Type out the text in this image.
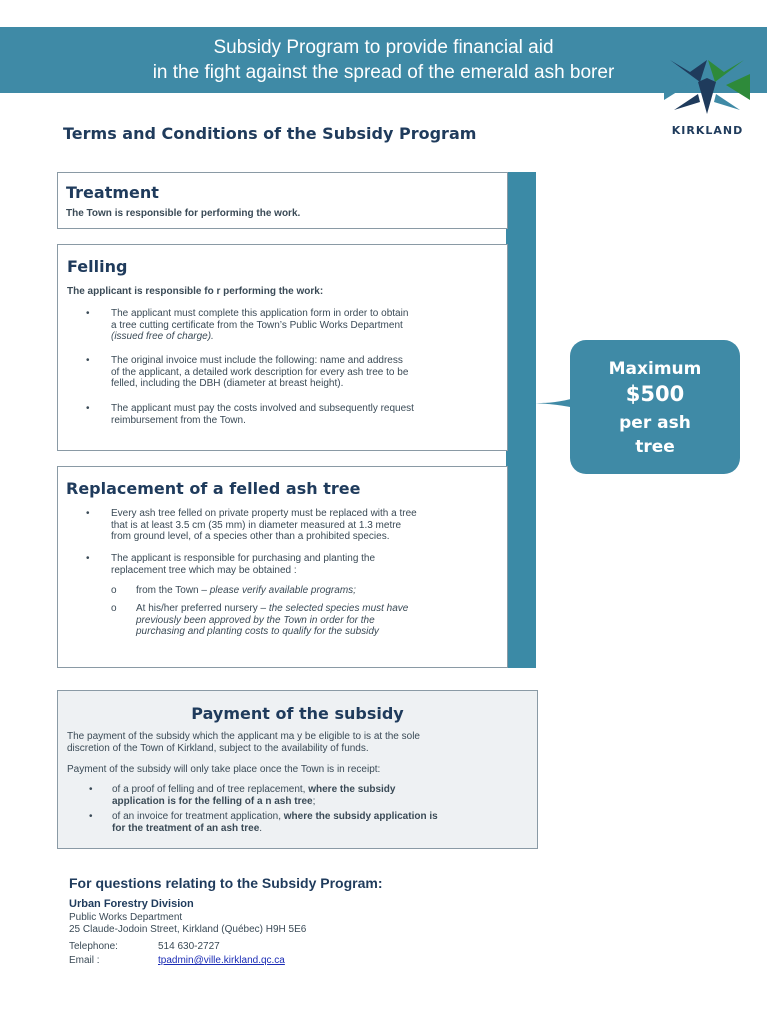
Subsidy Program to provide financial aid
in the fight against the spread of the emerald ash borer
KIRKLAND
Terms and Conditions of the Subsidy Program
Treatment
The Town is responsible for performing the work.
Felling
The applicant is responsible fo r performing the work:
• The applicant must complete this application form in order to obtain
a tree cutting certificate from the Town’s Public Works Department
(issued free of charge).
• The original invoice must include the following: name and address
of the applicant, a detailed work description for every ash tree to be
felled, including the DBH (diameter at breast height).
• The applicant must pay the costs involved and subsequently request
reimbursement from the Town.
Maximum
$500
per ash
tree
Replacement of a felled ash tree
• Every ash tree felled on private property must be replaced with a tree
that is at least 3.5 cm (35 mm) in diameter measured at 1.3 metre
from ground level, of a species other than a prohibited species.
• The applicant is responsible for purchasing and planting the
replacement tree which may be obtained :
o from the Town – please verify available programs;
o At his/her preferred nursery – the selected species must have
previously been approved by the Town in order for the
purchasing and planting costs to qualify for the subsidy
Payment of the subsidy
The payment of the subsidy which the applicant ma y be eligible to is at the sole
discretion of the Town of Kirkland, subject to the availability of funds.
Payment of the subsidy will only take place once the Town is in receipt:
• of a proof of felling and of tree replacement, where the subsidy
application is for the felling of a n ash tree;
• of an invoice for treatment application, where the subsidy application is
for the treatment of an ash tree.
For questions relating to the Subsidy Program:
Urban Forestry Division
Public Works Department
25 Claude-Jodoin Street, Kirkland (Québec) H9H 5E6
Telephone:	514 630-2727
Email :	tpadmin@ville.kirkland.qc.ca
